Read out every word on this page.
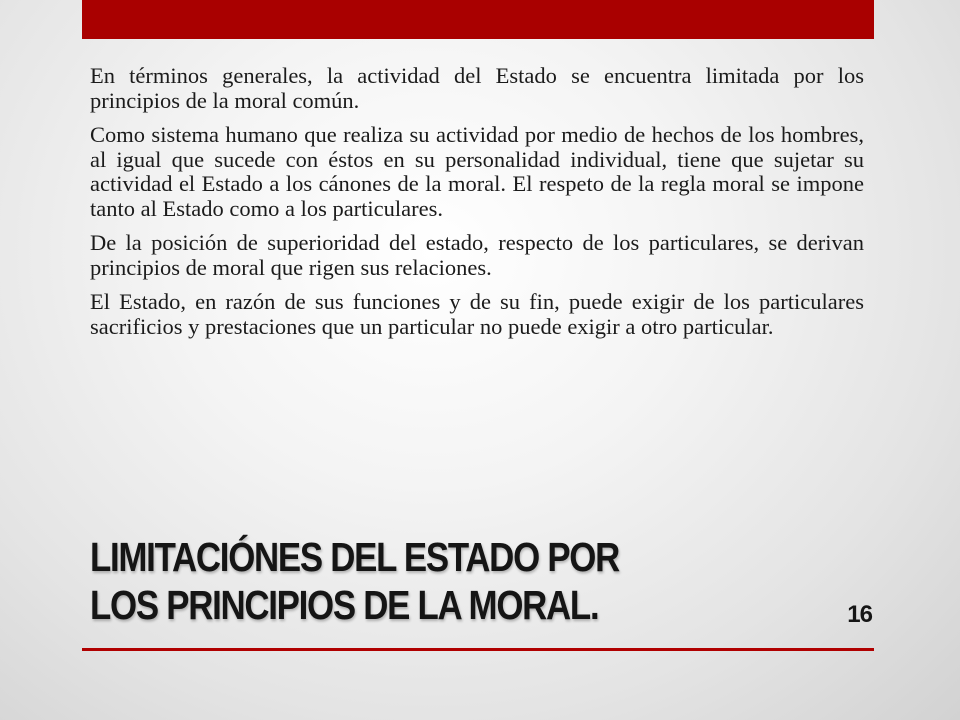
En términos generales, la actividad del Estado se encuentra limitada por los principios de la moral común.

Como sistema humano que realiza su actividad por medio de hechos de los hombres, al igual que sucede con éstos en su personalidad individual, tiene que sujetar su actividad el Estado a los cánones de la moral. El respeto de la regla moral se impone tanto al Estado como a los particulares.

De la posición de superioridad del estado, respecto de los particulares, se derivan principios de moral que rigen sus relaciones.

El Estado, en razón de sus funciones y de su fin, puede exigir de los particulares sacrificios y prestaciones que un particular no puede exigir a otro particular.

LIMITACIÓNES DEL ESTADO POR LOS PRINCIPIOS DE LA MORAL.	16
